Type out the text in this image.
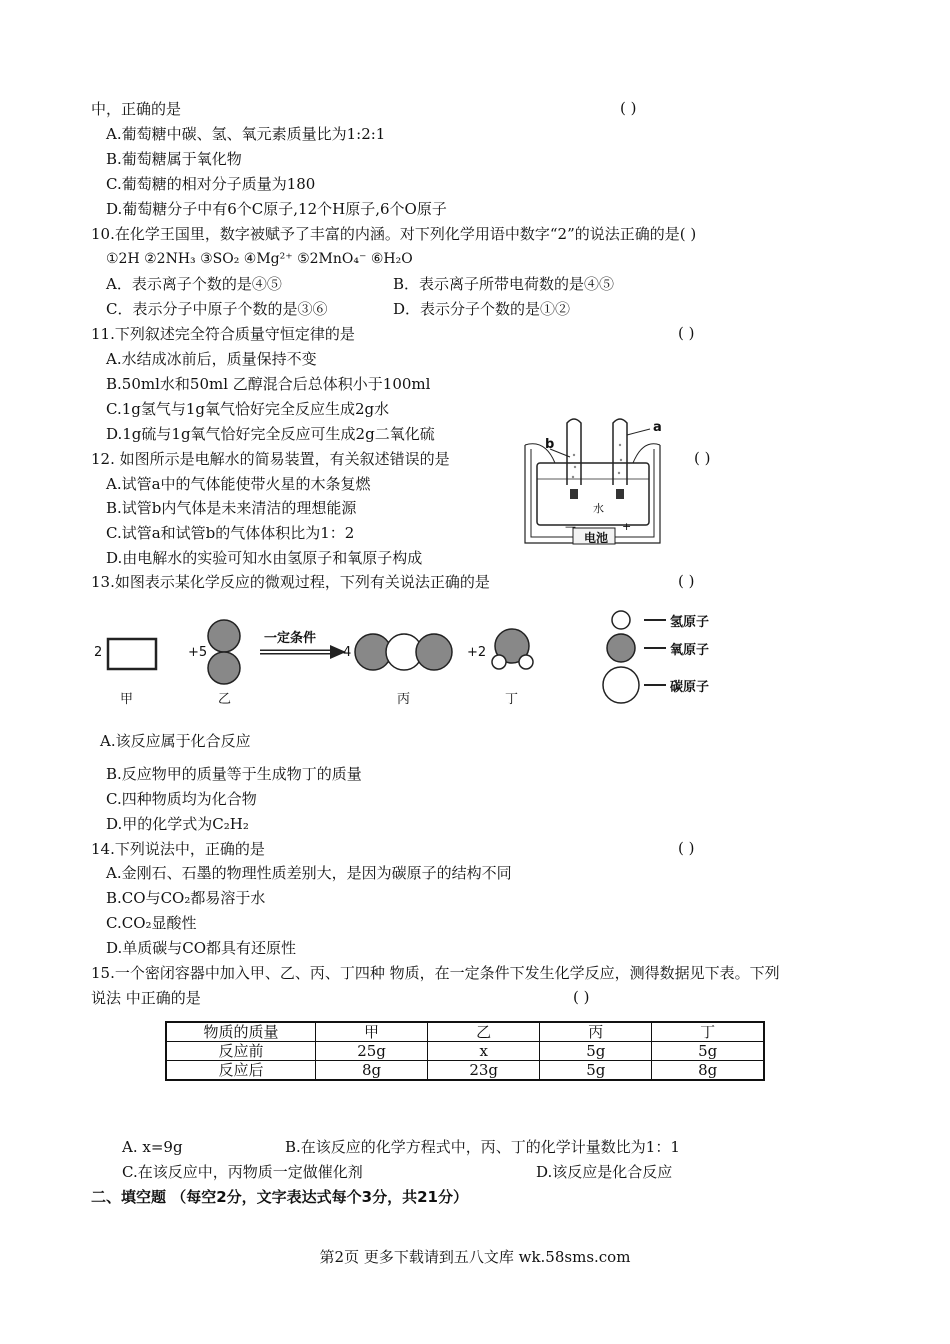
中，正确的是	( )
A.葡萄糖中碳、氢、氧元素质量比为1:2:1
B.葡萄糖属于氧化物
C.葡萄糖的相对分子质量为180
D.葡萄糖分子中有6个C原子,12个H原子,6个O原子
10.在化学王国里，数字被赋予了丰富的内涵。对下列化学用语中数字“2”的说法正确的是( )
①2H ②2NH₃ ③SO₂ ④Mg²⁺ ⑤2MnO₄⁻ ⑥H₂O
A．表示离子个数的是④⑤	B．表示离子所带电荷数的是④⑤
C．表示分子中原子个数的是③⑥	D．表示分子个数的是①②
11.下列叙述完全符合质量守恒定律的是	( )
A.水结成冰前后，质量保持不变
B.50ml水和50ml 乙醇混合后总体积小于100ml
C.1g氢气与1g氧气恰好完全反应生成2g水
D.1g硫与1g氧气恰好完全反应可生成2g二氧化硫
12. 如图所示是电解水的简易装置，有关叙述错误的是	( )
A.试管a中的气体能使带火星的木条复燃
B.试管b内气体是未来清洁的理想能源
C.试管a和试管b的气体体积比为1：2
D.由电解水的实验可知水由氢原子和氧原子构成
b
a
水
电池
—	+
13.如图表示某化学反应的微观过程，下列有关说法正确的是	( )
2	+5
一定条件
4	+2
甲	乙	丙	丁
氢原子
氧原子
碳原子
A.该反应属于化合反应
B.反应物甲的质量等于生成物丁的质量
C.四种物质均为化合物
D.甲的化学式为C₂H₂
14.下列说法中，正确的是	( )
A.金刚石、石墨的物理性质差别大，是因为碳原子的结构不同
B.CO与CO₂都易溶于水
C.CO₂显酸性
D.单质碳与CO都具有还原性
15.一个密闭容器中加入甲、乙、丙、丁四种 物质，在一定条件下发生化学反应，测得数据见下表。下列
说法 中正确的是	( )
物质的质量	甲	乙	丙	丁
反应前	25g	x	5g	5g
反应后	8g	23g	5g	8g
A. x=9g	B.在该反应的化学方程式中，丙、丁的化学计量数比为1：1
C.在该反应中，丙物质一定做催化剂	D.该反应是化合反应
二、填空题 （每空2分，文字表达式每个3分，共21分）
第2页 更多下载请到五八文库 wk.58sms.com
